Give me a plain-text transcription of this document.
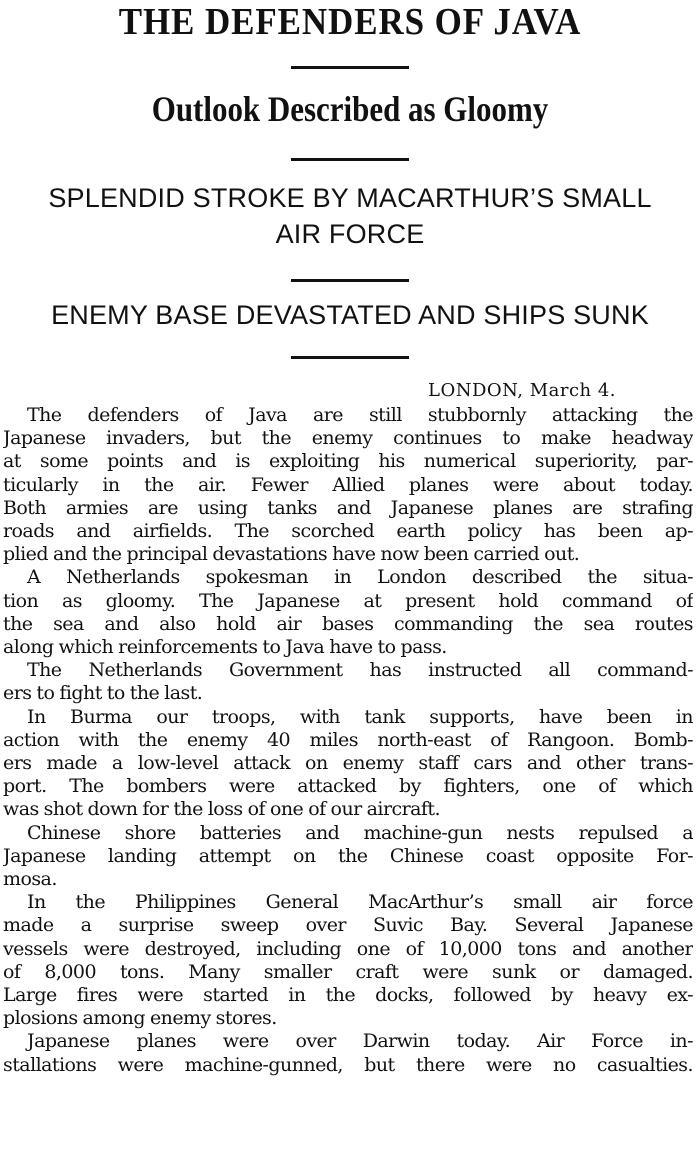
THE DEFENDERS OF JAVA
Outlook Described as Gloomy
SPLENDID STROKE BY MACARTHUR’S SMALL
AIR FORCE
ENEMY BASE DEVASTATED AND SHIPS SUNK
LONDON, March 4.
The defenders of Java are still stubbornly attacking the
Japanese invaders, but the enemy continues to make headway
at some points and is exploiting his numerical superiority, par-
ticularly in the air. Fewer Allied planes were about today.
Both armies are using tanks and Japanese planes are strafing
roads and airfields. The scorched earth policy has been ap-
plied and the principal devastations have now been carried out.
A Netherlands spokesman in London described the situa-
tion as gloomy. The Japanese at present hold command of
the sea and also hold air bases commanding the sea routes
along which reinforcements to Java have to pass.
The Netherlands Government has instructed all command-
ers to fight to the last.
In Burma our troops, with tank supports, have been in
action with the enemy 40 miles north-east of Rangoon. Bomb-
ers made a low-level attack on enemy staff cars and other trans-
port. The bombers were attacked by fighters, one of which
was shot down for the loss of one of our aircraft.
Chinese shore batteries and machine-gun nests repulsed a
Japanese landing attempt on the Chinese coast opposite For-
mosa.
In the Philippines General MacArthur’s small air force
made a surprise sweep over Suvic Bay. Several Japanese
vessels were destroyed, including one of 10,000 tons and another
of 8,000 tons. Many smaller craft were sunk or damaged.
Large fires were started in the docks, followed by heavy ex-
plosions among enemy stores.
Japanese planes were over Darwin today. Air Force in-
stallations were machine-gunned, but there were no casualties.
